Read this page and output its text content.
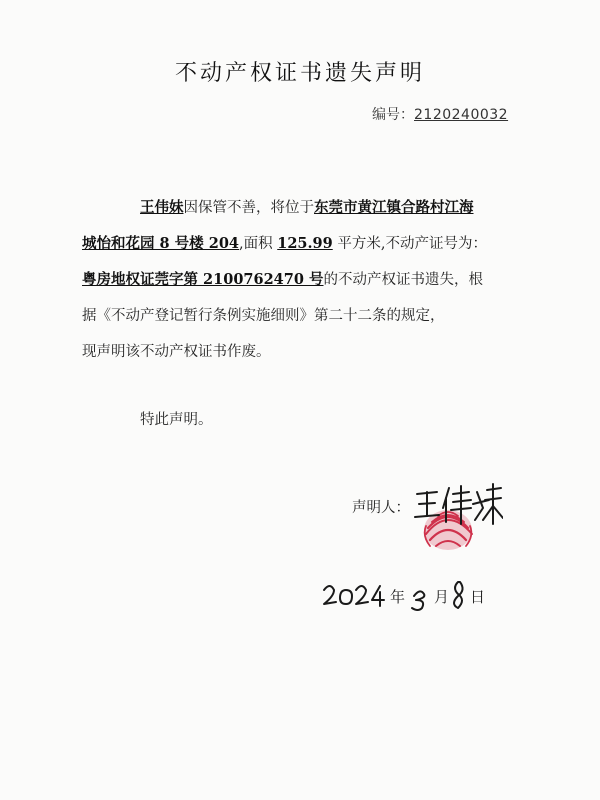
不动产权证书遗失声明
编号：2120240032
王伟妹因保管不善，将位于东莞市黄江镇合路村江海
城怡和花园 8 号楼 204,面积 125.99 平方米,不动产证号为：
粤房地权证莞字第 2100762470 号的不动产权证书遗失，根
据《不动产登记暂行条例实施细则》第二十二条的规定，
现声明该不动产权证书作废。
特此声明。
声明人：
年 月 日
